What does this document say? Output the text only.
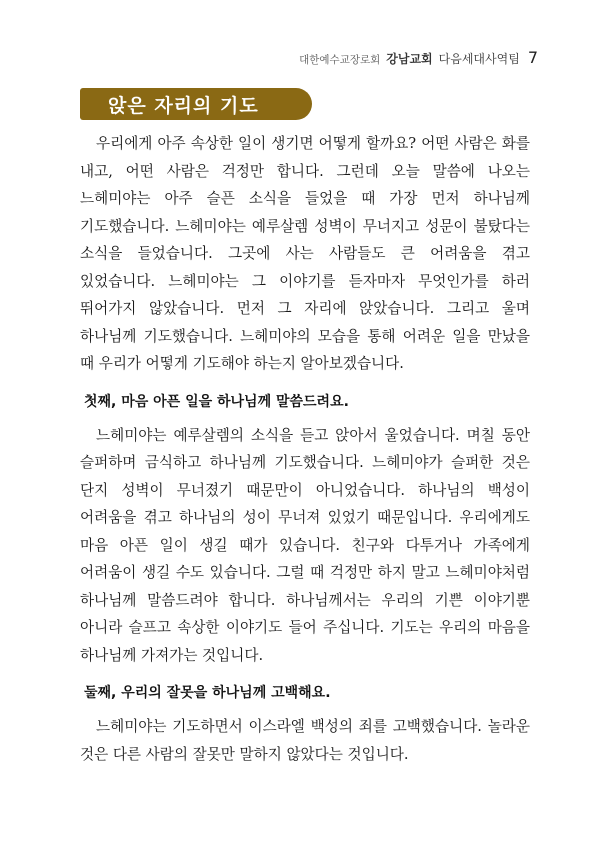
대한예수교장로회 강남교회 다음세대사역팀 7
앉은 자리의 기도

우리에게 아주 속상한 일이 생기면 어떻게 할까요? 어떤 사람은 화를 내고, 어떤 사람은 걱정만 합니다. 그런데 오늘 말씀에 나오는 느헤미야는 아주 슬픈 소식을 들었을 때 가장 먼저 하나님께 기도했습니다. 느헤미야는 예루살렘 성벽이 무너지고 성문이 불탔다는 소식을 들었습니다. 그곳에 사는 사람들도 큰 어려움을 겪고 있었습니다. 느헤미야는 그 이야기를 듣자마자 무엇인가를 하러 뛰어가지 않았습니다. 먼저 그 자리에 앉았습니다. 그리고 울며 하나님께 기도했습니다. 느헤미야의 모습을 통해 어려운 일을 만났을 때 우리가 어떻게 기도해야 하는지 알아보겠습니다.

첫째, 마음 아픈 일을 하나님께 말씀드려요.

느헤미야는 예루살렘의 소식을 듣고 앉아서 울었습니다. 며칠 동안 슬퍼하며 금식하고 하나님께 기도했습니다. 느헤미야가 슬퍼한 것은 단지 성벽이 무너졌기 때문만이 아니었습니다. 하나님의 백성이 어려움을 겪고 하나님의 성이 무너져 있었기 때문입니다. 우리에게도 마음 아픈 일이 생길 때가 있습니다. 친구와 다투거나 가족에게 어려움이 생길 수도 있습니다. 그럴 때 걱정만 하지 말고 느헤미야처럼 하나님께 말씀드려야 합니다. 하나님께서는 우리의 기쁜 이야기뿐 아니라 슬프고 속상한 이야기도 들어 주십니다. 기도는 우리의 마음을 하나님께 가져가는 것입니다.

둘째, 우리의 잘못을 하나님께 고백해요.

느헤미야는 기도하면서 이스라엘 백성의 죄를 고백했습니다. 놀라운 것은 다른 사람의 잘못만 말하지 않았다는 것입니다.
